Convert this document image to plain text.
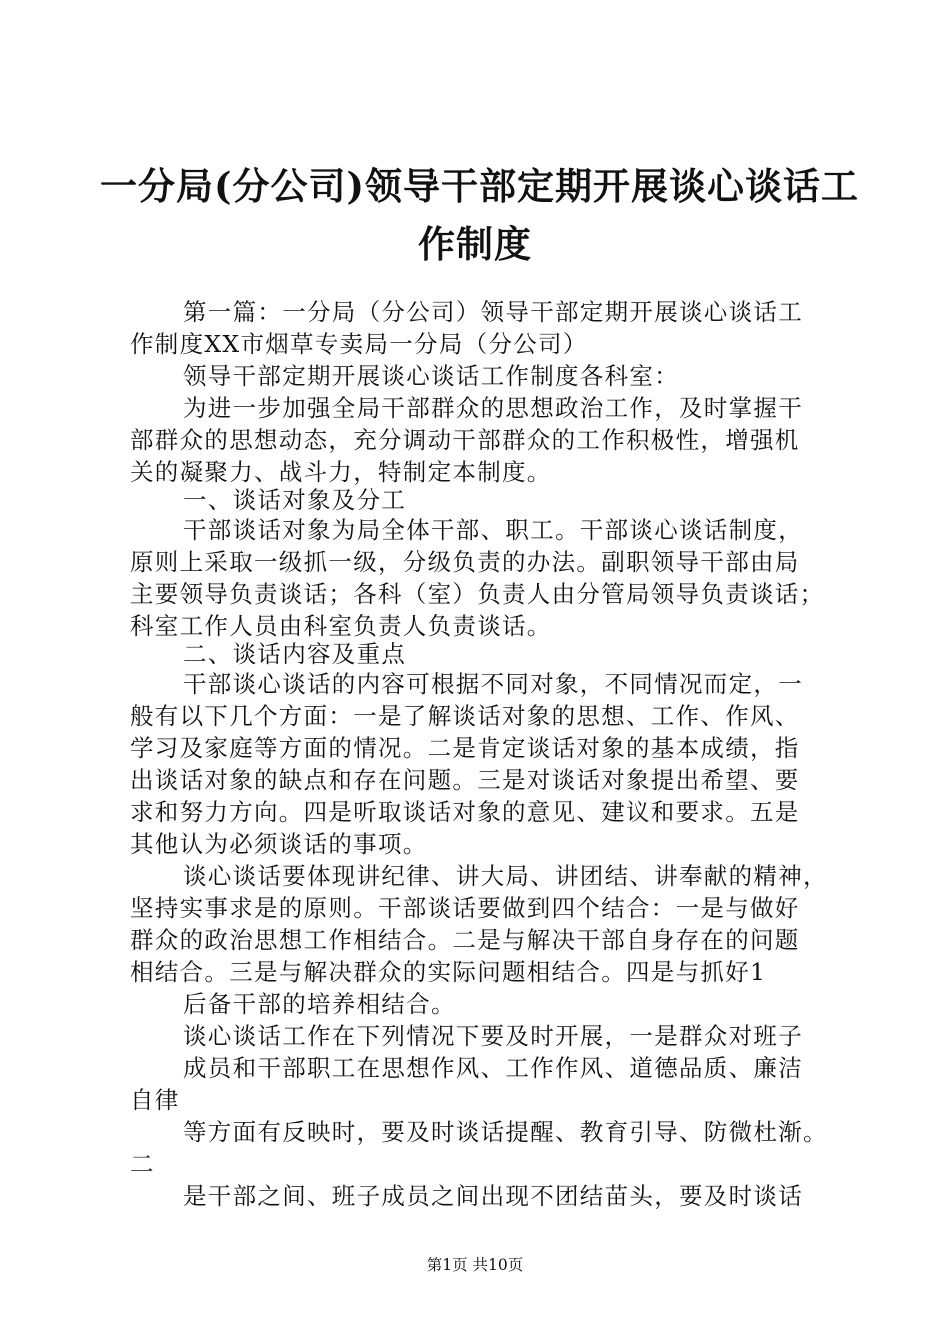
一分局(分公司)领导干部定期开展谈心谈话工
作制度
第一篇：一分局（分公司）领导干部定期开展谈心谈话工
作制度XX市烟草专卖局一分局（分公司）
领导干部定期开展谈心谈话工作制度各科室：
为进一步加强全局干部群众的思想政治工作，及时掌握干
部群众的思想动态，充分调动干部群众的工作积极性，增强机
关的凝聚力、战斗力，特制定本制度。
一、谈话对象及分工
干部谈话对象为局全体干部、职工。干部谈心谈话制度，
原则上采取一级抓一级，分级负责的办法。副职领导干部由局
主要领导负责谈话；各科（室）负责人由分管局领导负责谈话；
科室工作人员由科室负责人负责谈话。
二、谈话内容及重点
干部谈心谈话的内容可根据不同对象，不同情况而定，一
般有以下几个方面：一是了解谈话对象的思想、工作、作风、
学习及家庭等方面的情况。二是肯定谈话对象的基本成绩，指
出谈话对象的缺点和存在问题。三是对谈话对象提出希望、要
求和努力方向。四是听取谈话对象的意见、建议和要求。五是
其他认为必须谈话的事项。
谈心谈话要体现讲纪律、讲大局、讲团结、讲奉献的精神，
坚持实事求是的原则。干部谈话要做到四个结合：一是与做好
群众的政治思想工作相结合。二是与解决干部自身存在的问题
相结合。三是与解决群众的实际问题相结合。四是与抓好1
后备干部的培养相结合。
谈心谈话工作在下列情况下要及时开展，一是群众对班子
成员和干部职工在思想作风、工作作风、道德品质、廉洁
自律
等方面有反映时，要及时谈话提醒、教育引导、防微杜渐。
二
是干部之间、班子成员之间出现不团结苗头，要及时谈话
第1页 共10页
